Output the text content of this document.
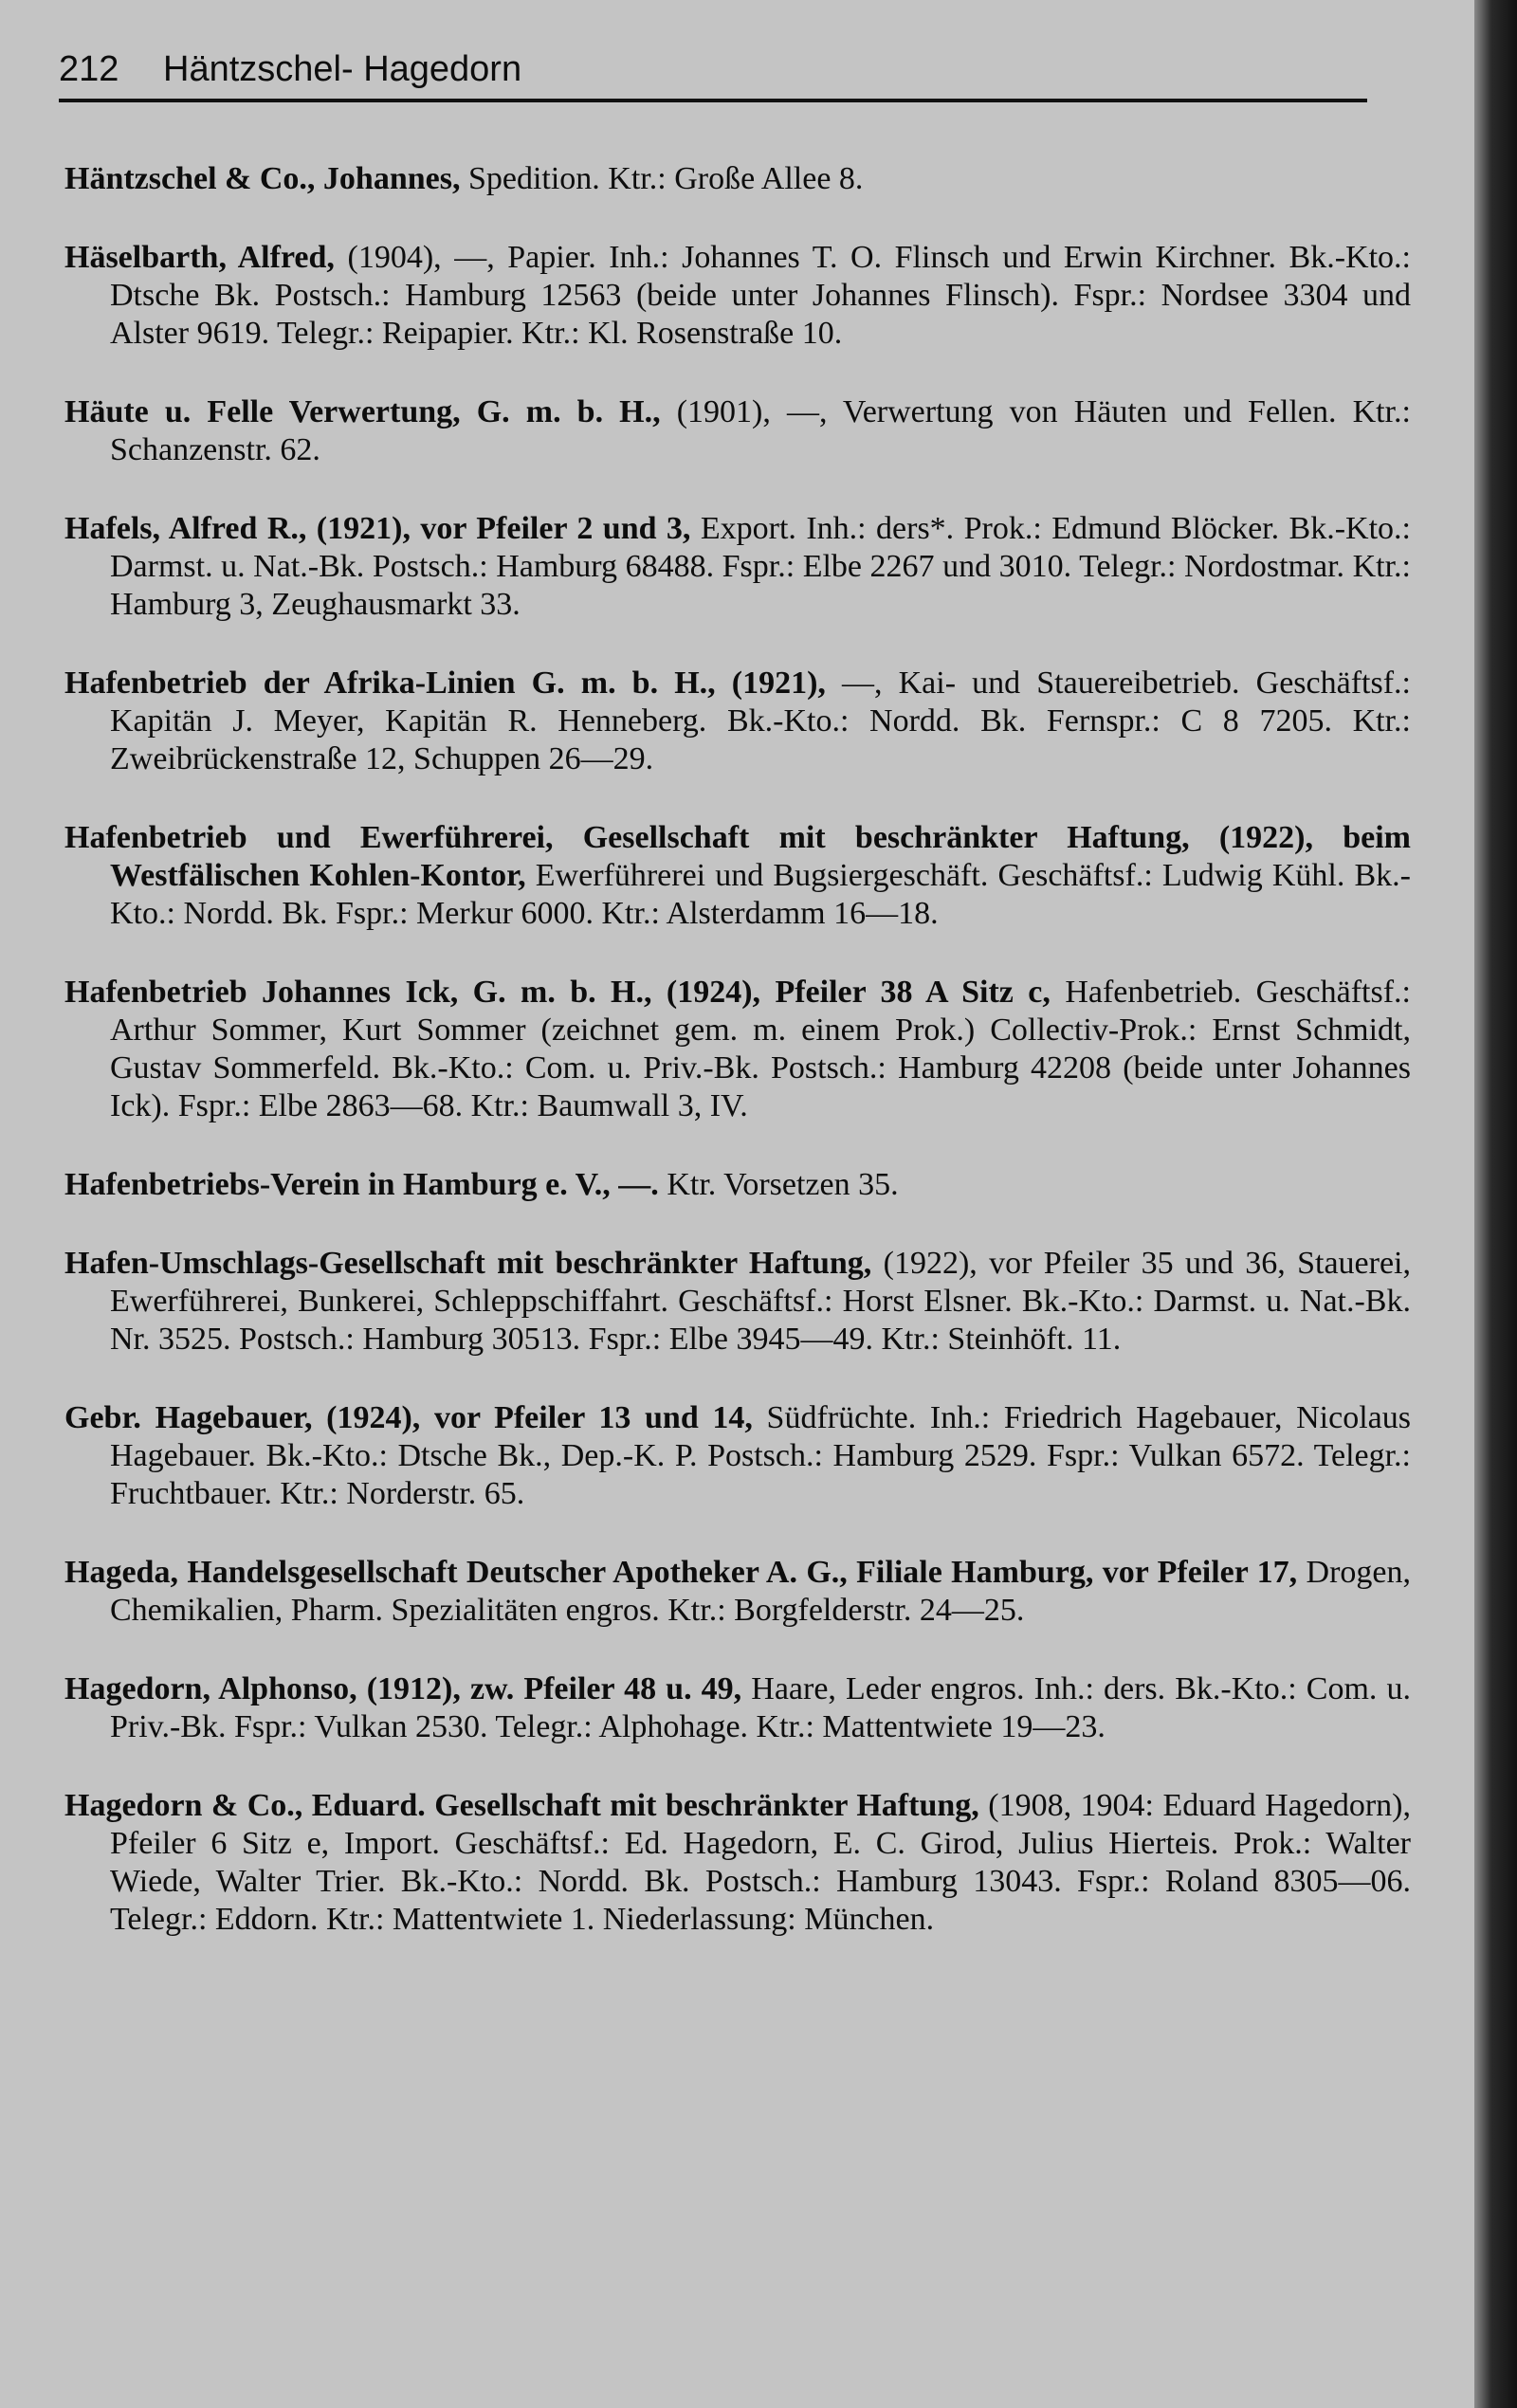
212	Häntzschel- Hagedorn

Häntzschel & Co., Johannes, Spedition. Ktr.: Große Allee 8.

Häselbarth, Alfred, (1904), —, Papier. Inh.: Johannes T. O. Flinsch und Erwin Kirchner. Bk.-Kto.: Dtsche Bk. Postsch.: Hamburg 12563 (beide unter Johannes Flinsch). Fspr.: Nordsee 3304 und Alster 9619. Telegr.: Reipapier. Ktr.: Kl. Rosenstraße 10.

Häute u. Felle Verwertung, G. m. b. H., (1901), —, Verwertung von Häuten und Fellen. Ktr.: Schanzenstr. 62.

Hafels, Alfred R., (1921), vor Pfeiler 2 und 3, Export. Inh.: ders*. Prok.: Edmund Blöcker. Bk.-Kto.: Darmst. u. Nat.-Bk. Postsch.: Hamburg 68488. Fspr.: Elbe 2267 und 3010. Telegr.: Nordostmar. Ktr.: Hamburg 3, Zeughausmarkt 33.

Hafenbetrieb der Afrika-Linien G. m. b. H., (1921), —, Kai- und Stauereibetrieb. Geschäftsf.: Kapitän J. Meyer, Kapitän R. Henneberg. Bk.-Kto.: Nordd. Bk. Fernspr.: C 8 7205. Ktr.: Zweibrückenstraße 12, Schuppen 26—29.

Hafenbetrieb und Ewerführerei, Gesellschaft mit beschränkter Haftung, (1922), beim Westfälischen Kohlen-Kontor, Ewerführerei und Bugsiergeschäft. Geschäftsf.: Ludwig Kühl. Bk.-Kto.: Nordd. Bk. Fspr.: Merkur 6000. Ktr.: Alsterdamm 16—18.

Hafenbetrieb Johannes Ick, G. m. b. H., (1924), Pfeiler 38 A Sitz c, Hafenbetrieb. Geschäftsf.: Arthur Sommer, Kurt Sommer (zeichnet gem. m. einem Prok.) Collectiv-Prok.: Ernst Schmidt, Gustav Sommerfeld. Bk.-Kto.: Com. u. Priv.-Bk. Postsch.: Hamburg 42208 (beide unter Johannes Ick). Fspr.: Elbe 2863—68. Ktr.: Baumwall 3, IV.

Hafenbetriebs-Verein in Hamburg e. V., —. Ktr. Vorsetzen 35.

Hafen-Umschlags-Gesellschaft mit beschränkter Haftung, (1922), vor Pfeiler 35 und 36, Stauerei, Ewerführerei, Bunkerei, Schleppschiffahrt. Geschäftsf.: Horst Elsner. Bk.-Kto.: Darmst. u. Nat.-Bk. Nr. 3525. Postsch.: Hamburg 30513. Fspr.: Elbe 3945—49. Ktr.: Steinhöft. 11.

Gebr. Hagebauer, (1924), vor Pfeiler 13 und 14, Südfrüchte. Inh.: Friedrich Hagebauer, Nicolaus Hagebauer. Bk.-Kto.: Dtsche Bk., Dep.-K. P. Postsch.: Hamburg 2529. Fspr.: Vulkan 6572. Telegr.: Fruchtbauer. Ktr.: Norderstr. 65.

Hageda, Handelsgesellschaft Deutscher Apotheker A. G., Filiale Hamburg, vor Pfeiler 17, Drogen, Chemikalien, Pharm. Spezialitäten engros. Ktr.: Borgfelderstr. 24—25.

Hagedorn, Alphonso, (1912), zw. Pfeiler 48 u. 49, Haare, Leder engros. Inh.: ders. Bk.-Kto.: Com. u. Priv.-Bk. Fspr.: Vulkan 2530. Telegr.: Alphohage. Ktr.: Mattentwiete 19—23.

Hagedorn & Co., Eduard. Gesellschaft mit beschränkter Haftung, (1908, 1904: Eduard Hagedorn), Pfeiler 6 Sitz e, Import. Geschäftsf.: Ed. Hagedorn, E. C. Girod, Julius Hierteis. Prok.: Walter Wiede, Walter Trier. Bk.-Kto.: Nordd. Bk. Postsch.: Hamburg 13043. Fspr.: Roland 8305—06. Telegr.: Eddorn. Ktr.: Mattentwiete 1. Niederlassung: München.
